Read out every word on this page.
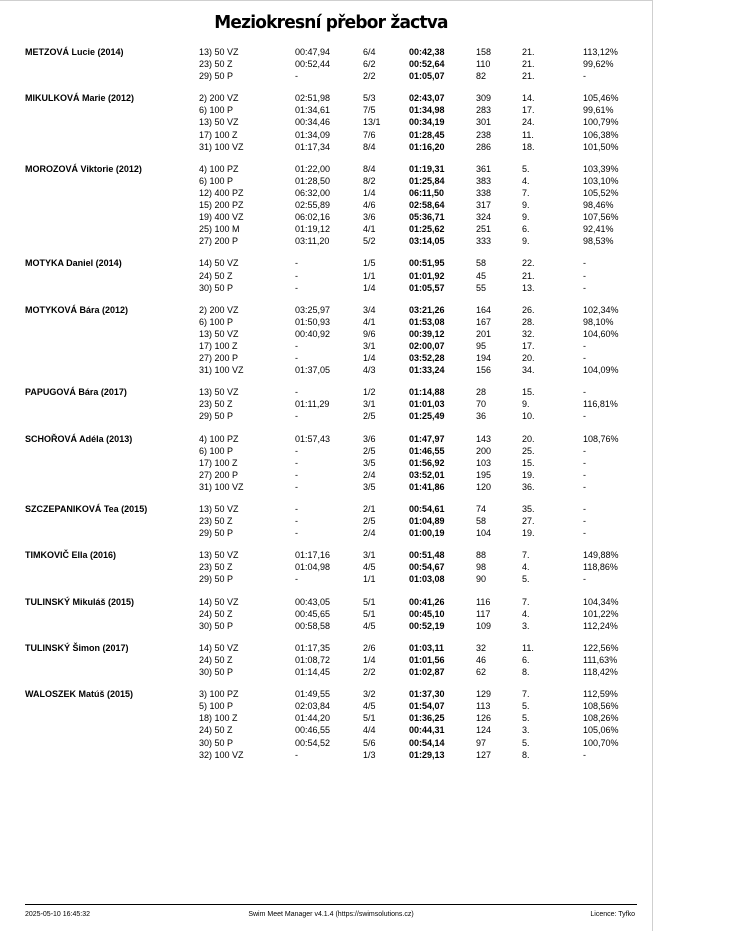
Meziokresní přebor žactva
METZOVÁ Lucie (2014)	13) 50 VZ	00:47,94	6/4	00:42,38	158	21.	113,12%
23) 50 Z	00:52,44	6/2	00:52,64	110	21.	99,62%
29) 50 P	-	2/2	01:05,07	82	21.	-
MIKULKOVÁ Marie (2012)	2) 200 VZ	02:51,98	5/3	02:43,07	309	14.	105,46%
6) 100 P	01:34,61	7/5	01:34,98	283	17.	99,61%
13) 50 VZ	00:34,46	13/1	00:34,19	301	24.	100,79%
17) 100 Z	01:34,09	7/6	01:28,45	238	11.	106,38%
31) 100 VZ	01:17,34	8/4	01:16,20	286	18.	101,50%
MOROZOVÁ Viktorie (2012)	4) 100 PZ	01:22,00	8/4	01:19,31	361	5.	103,39%
6) 100 P	01:28,50	8/2	01:25,84	383	4.	103,10%
12) 400 PZ	06:32,00	1/4	06:11,50	338	7.	105,52%
15) 200 PZ	02:55,89	4/6	02:58,64	317	9.	98,46%
19) 400 VZ	06:02,16	3/6	05:36,71	324	9.	107,56%
25) 100 M	01:19,12	4/1	01:25,62	251	6.	92,41%
27) 200 P	03:11,20	5/2	03:14,05	333	9.	98,53%
MOTYKA Daniel (2014)	14) 50 VZ	-	1/5	00:51,95	58	22.	-
24) 50 Z	-	1/1	01:01,92	45	21.	-
30) 50 P	-	1/4	01:05,57	55	13.	-
MOTYKOVÁ Bára (2012)	2) 200 VZ	03:25,97	3/4	03:21,26	164	26.	102,34%
6) 100 P	01:50,93	4/1	01:53,08	167	28.	98,10%
13) 50 VZ	00:40,92	9/6	00:39,12	201	32.	104,60%
17) 100 Z	-	3/1	02:00,07	95	17.	-
27) 200 P	-	1/4	03:52,28	194	20.	-
31) 100 VZ	01:37,05	4/3	01:33,24	156	34.	104,09%
PAPUGOVÁ Bára (2017)	13) 50 VZ	-	1/2	01:14,88	28	15.	-
23) 50 Z	01:11,29	3/1	01:01,03	70	9.	116,81%
29) 50 P	-	2/5	01:25,49	36	10.	-
SCHOŘOVÁ Adéla (2013)	4) 100 PZ	01:57,43	3/6	01:47,97	143	20.	108,76%
6) 100 P	-	2/5	01:46,55	200	25.	-
17) 100 Z	-	3/5	01:56,92	103	15.	-
27) 200 P	-	2/4	03:52,01	195	19.	-
31) 100 VZ	-	3/5	01:41,86	120	36.	-
SZCZEPANIKOVÁ Tea (2015)	13) 50 VZ	-	2/1	00:54,61	74	35.	-
23) 50 Z	-	2/5	01:04,89	58	27.	-
29) 50 P	-	2/4	01:00,19	104	19.	-
TIMKOVIČ Ella (2016)	13) 50 VZ	01:17,16	3/1	00:51,48	88	7.	149,88%
23) 50 Z	01:04,98	4/5	00:54,67	98	4.	118,86%
29) 50 P	-	1/1	01:03,08	90	5.	-
TULINSKÝ Mikuláš (2015)	14) 50 VZ	00:43,05	5/1	00:41,26	116	7.	104,34%
24) 50 Z	00:45,65	5/1	00:45,10	117	4.	101,22%
30) 50 P	00:58,58	4/5	00:52,19	109	3.	112,24%
TULINSKÝ Šimon (2017)	14) 50 VZ	01:17,35	2/6	01:03,11	32	11.	122,56%
24) 50 Z	01:08,72	1/4	01:01,56	46	6.	111,63%
30) 50 P	01:14,45	2/2	01:02,87	62	8.	118,42%
WALOSZEK Matúš (2015)	3) 100 PZ	01:49,55	3/2	01:37,30	129	7.	112,59%
5) 100 P	02:03,84	4/5	01:54,07	113	5.	108,56%
18) 100 Z	01:44,20	5/1	01:36,25	126	5.	108,26%
24) 50 Z	00:46,55	4/4	00:44,31	124	3.	105,06%
30) 50 P	00:54,52	5/6	00:54,14	97	5.	100,70%
32) 100 VZ	-	1/3	01:29,13	127	8.	-
2025-05-10 16:45:32	Swim Meet Manager v4.1.4 (https://swimsolutions.cz)	Licence: Tyfko
